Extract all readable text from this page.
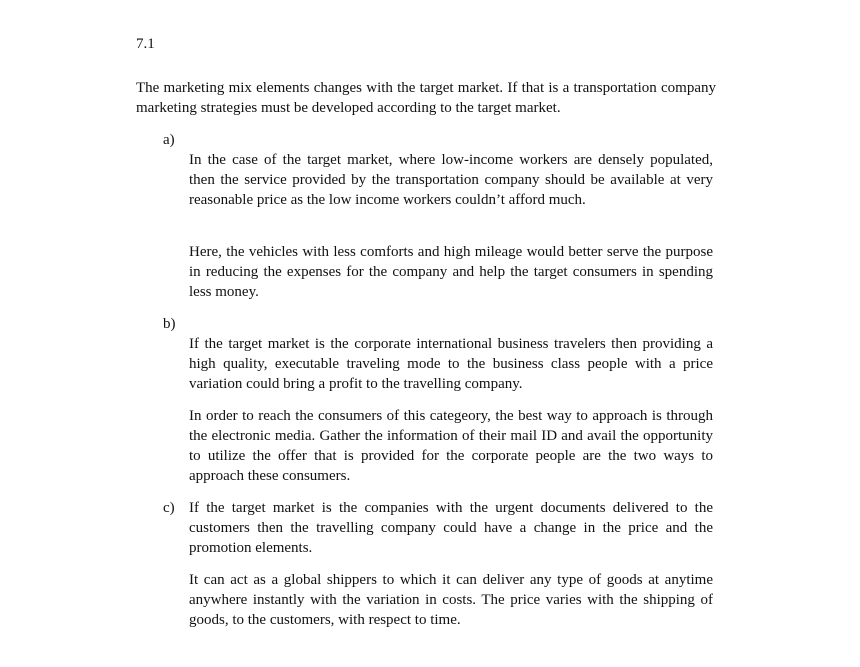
7.1
The marketing mix elements changes with the target market. If that is a transportation company marketing strategies must be developed according to the target market.
a)
In the case of the target market, where low-income workers are densely populated, then the service provided by the transportation company should be available at very reasonable price as the low income workers couldn’t afford much.
Here, the vehicles with less comforts and high mileage would better serve the purpose in reducing the expenses for the company and help the target consumers in spending less money.
b)
If the target market is the corporate international business travelers then providing a high quality, executable traveling mode to the business class people with a price variation could bring a profit to the travelling company.
In order to reach the consumers of this categeory, the best way to approach is through the electronic media. Gather the information of their mail ID and avail the opportunity to utilize the offer that is provided for the corporate people are the two ways to approach these consumers.
c) If the target market is the companies with the urgent documents delivered to the customers then the travelling company could have a change in the price and the promotion elements.
It can act as a global shippers to which it can deliver any type of goods at anytime anywhere instantly with the variation in costs. The price varies with the shipping of goods, to the customers, with respect to time.
